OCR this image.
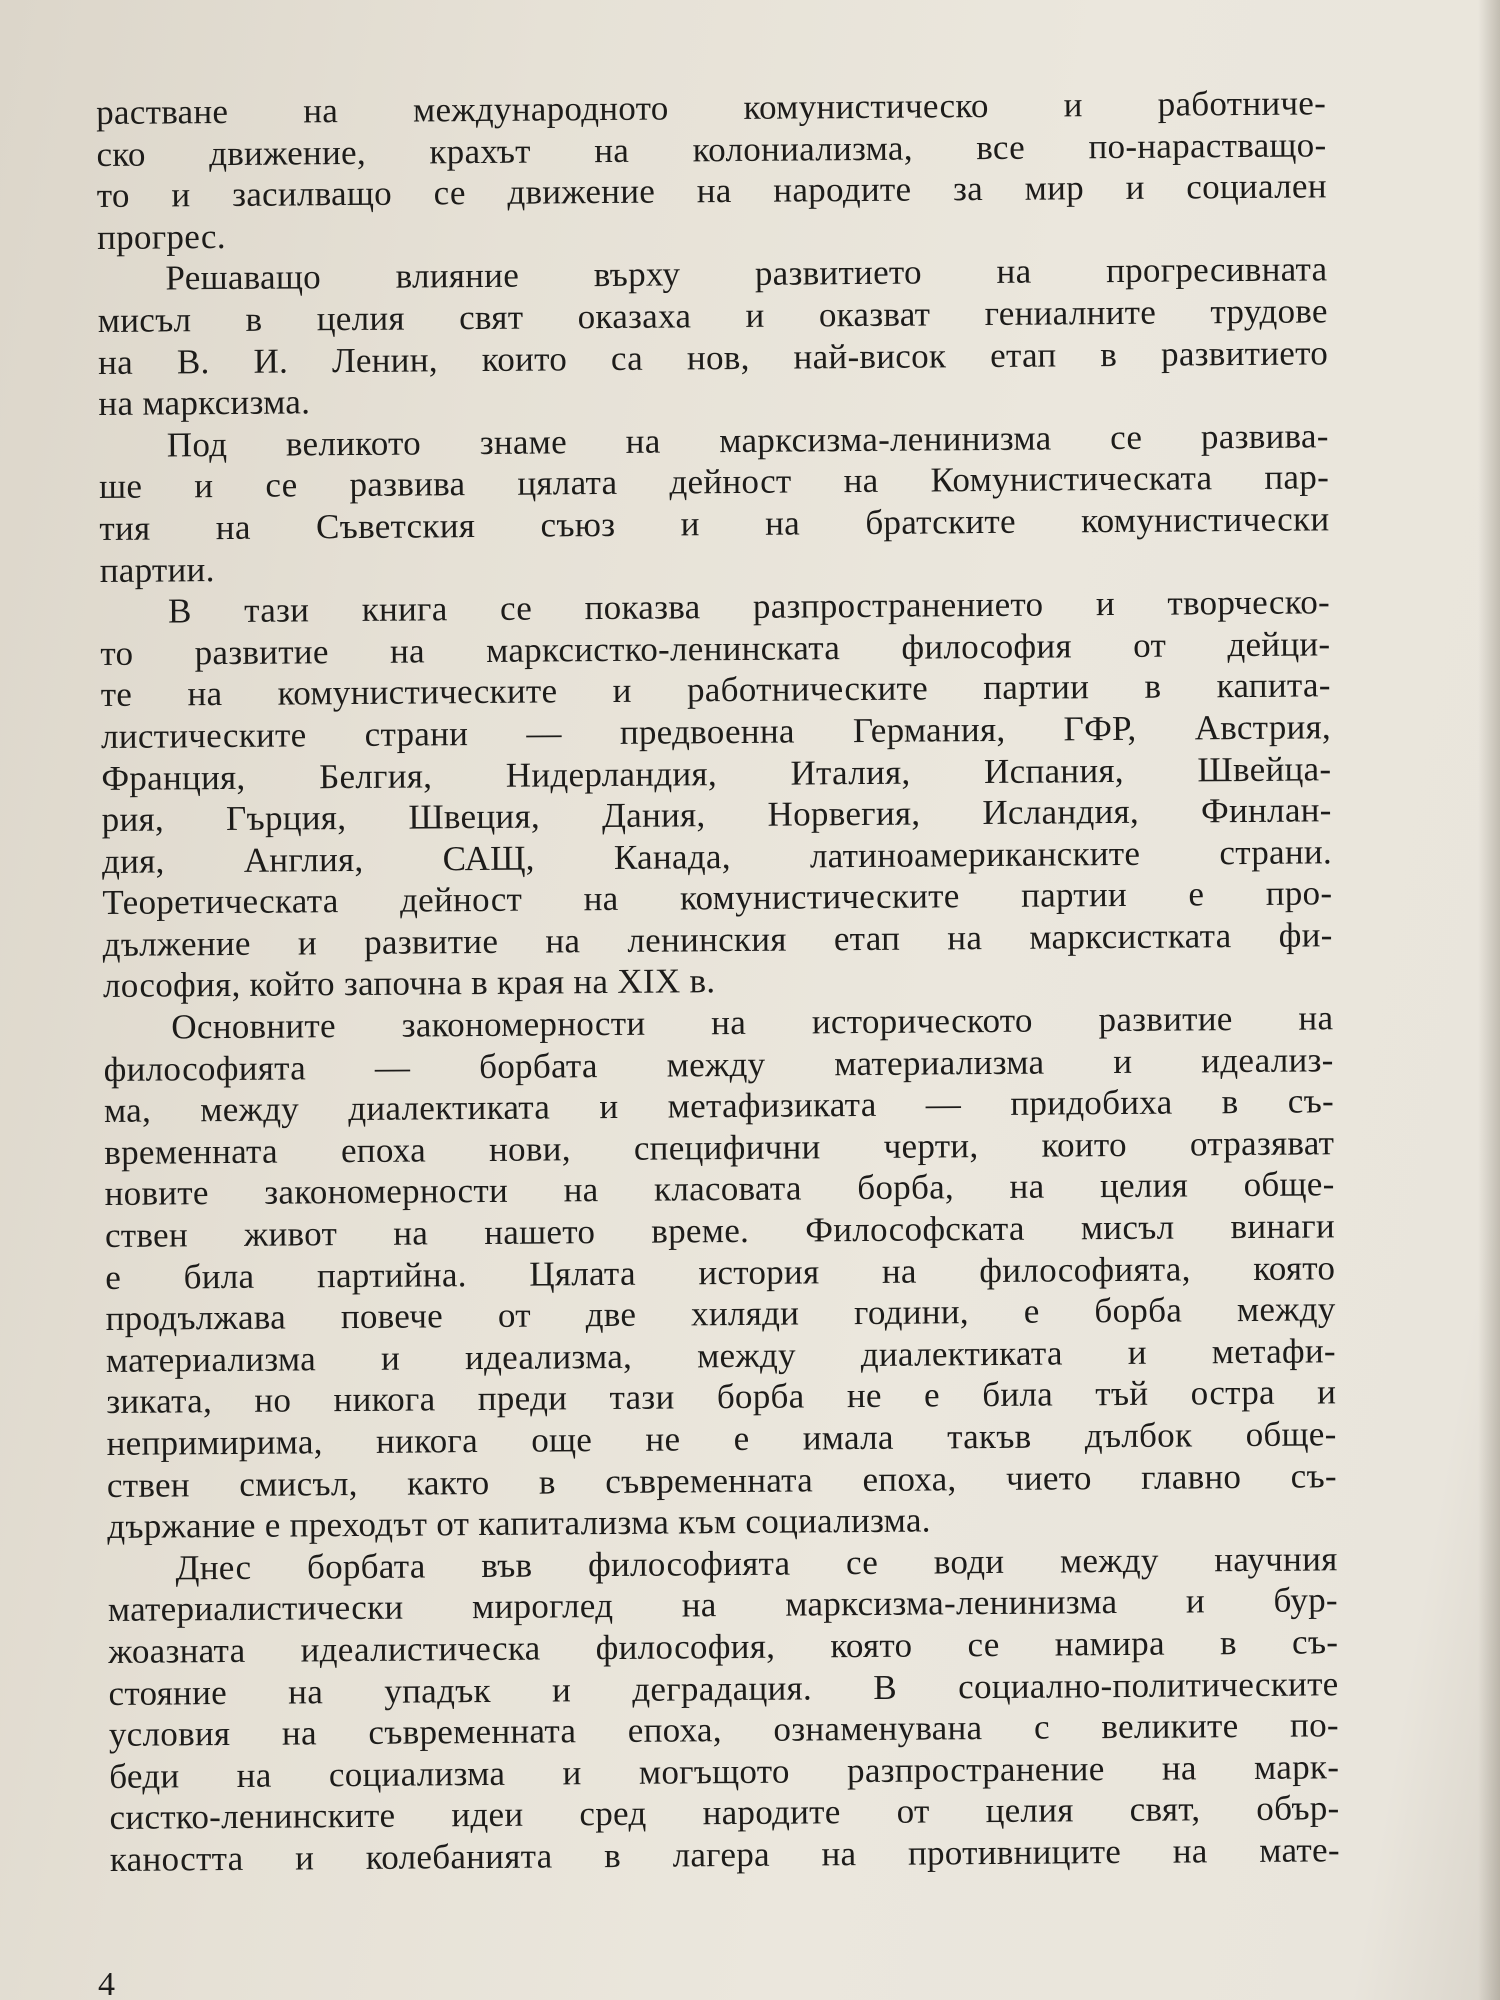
растване на международното комунистическо и работниче-
ско движение, крахът на колониализма, все по-нарастващо-
то и засилващо се движение на народите за мир и социален
прогрес.
Решаващо влияние върху развитието на прогресивната
мисъл в целия свят оказаха и оказват гениалните трудове
на В. И. Ленин, които са нов, най-висок етап в развитието
на марксизма.
Под великото знаме на марксизма-ленинизма се развива-
ше и се развива цялата дейност на Комунистическата пар-
тия на Съветския съюз и на братските комунистически
партии.
В тази книга се показва разпространението и творческо-
то развитие на марксистко-ленинската философия от дейци-
те на комунистическите и работническите партии в капита-
листическите страни — предвоенна Германия, ГФР, Австрия,
Франция, Белгия, Нидерландия, Италия, Испания, Швейца-
рия, Гърция, Швеция, Дания, Норвегия, Исландия, Финлан-
дия, Англия, САЩ, Канада, латиноамериканските страни.
Теоретическата дейност на комунистическите партии е про-
дължение и развитие на ленинския етап на марксистката фи-
лософия, който започна в края на XIX в.
Основните закономерности на историческото развитие на
философията — борбата между материализма и идеализ-
ма, между диалектиката и метафизиката — придобиха в съ-
временната епоха нови, специфични черти, които отразяват
новите закономерности на класовата борба, на целия обще-
ствен живот на нашето време. Философската мисъл винаги
е била партийна. Цялата история на философията, която
продължава повече от две хиляди години, е борба между
материализма и идеализма, между диалектиката и метафи-
зиката, но никога преди тази борба не е била тъй остра и
непримирима, никога още не е имала такъв дълбок обще-
ствен смисъл, както в съвременната епоха, чието главно съ-
държание е преходът от капитализма към социализма.
Днес борбата във философията се води между научния
материалистически мироглед на марксизма-ленинизма и бур-
жоазната идеалистическа философия, която се намира в съ-
стояние на упадък и деградация. В социално-политическите
условия на съвременната епоха, ознаменувана с великите по-
беди на социализма и могъщото разпространение на марк-
систко-ленинските идеи сред народите от целия свят, обър-
каността и колебанията в лагера на противниците на мате-
4
